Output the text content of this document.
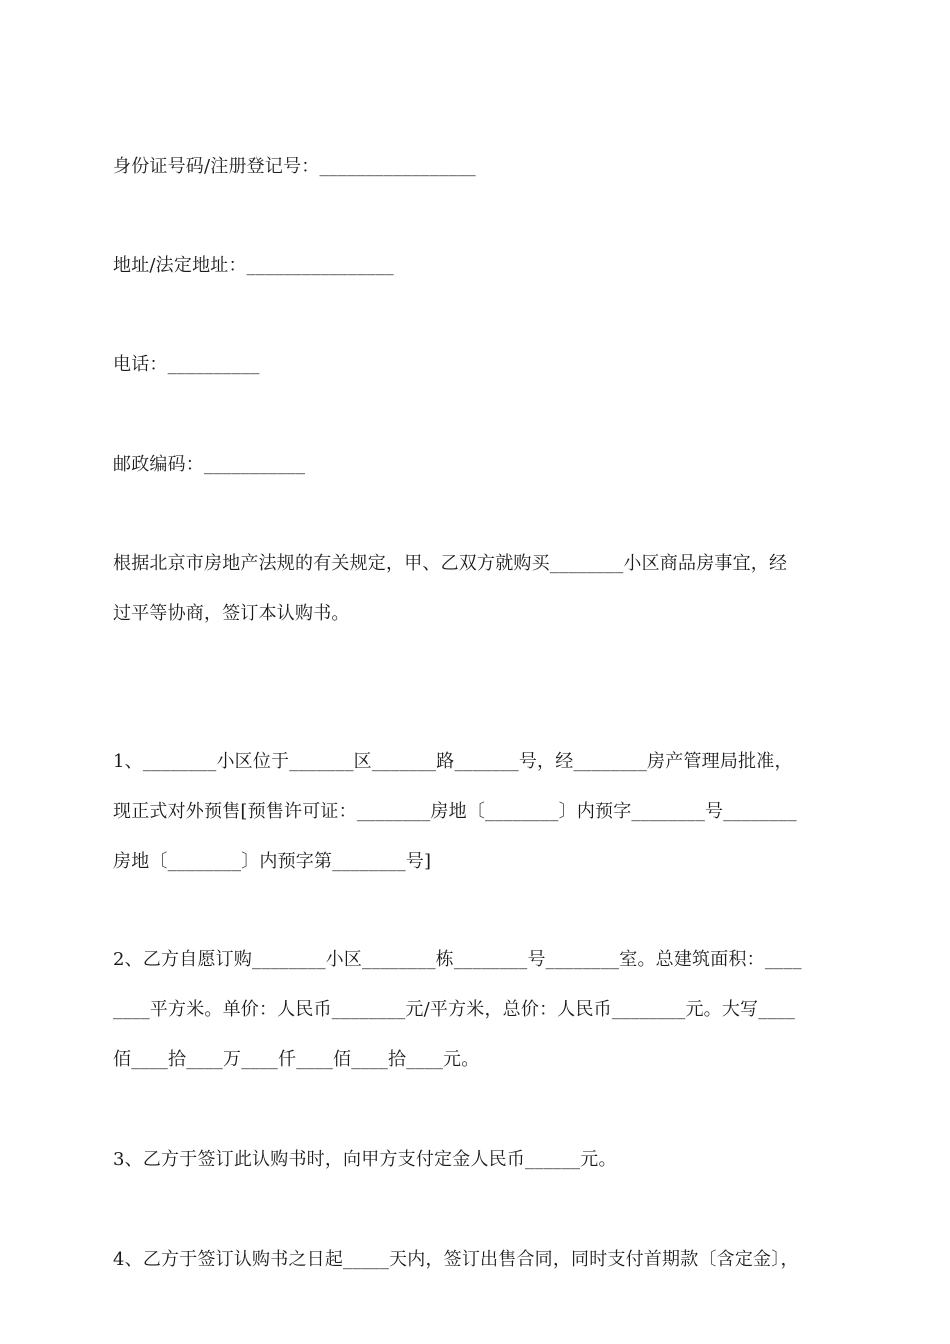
身份证号码/注册登记号：_________________
地址/法定地址：________________
电话：__________
邮政编码：___________
根据北京市房地产法规的有关规定，甲、乙双方就购买________小区商品房事宜，经
过平等协商，签订本认购书。
1、________小区位于_______区_______路_______号，经________房产管理局批准，
现正式对外预售[预售许可证：________房地〔________〕内预字________号________
房地〔________〕内预字第________号]
2、乙方自愿订购________小区________栋________号________室。总建筑面积：____
____平方米。单价：人民币________元/平方米，总价：人民币________元。大写____
佰____拾____万____仟____佰____拾____元。
3、乙方于签订此认购书时，向甲方支付定金人民币______元。
4、乙方于签订认购书之日起_____天内，签订出售合同，同时支付首期款〔含定金〕，
